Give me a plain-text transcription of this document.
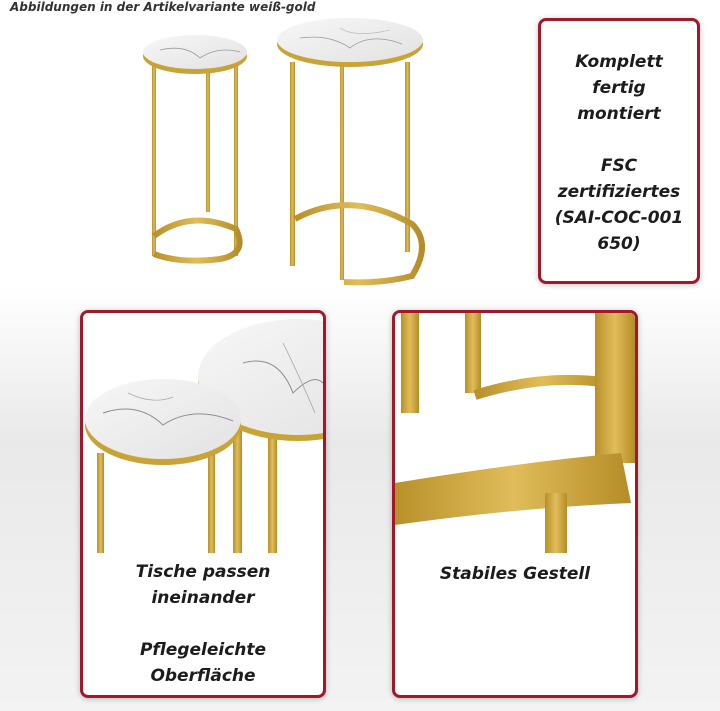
Abbildungen in der Artikelvariante weiß-gold

Komplett

fertig

montiert

FSC

zertifiziertes

(SAI-COC-001

650)

Tische passen

ineinander

Pflegeleichte

Oberfläche

Stabiles Gestell
